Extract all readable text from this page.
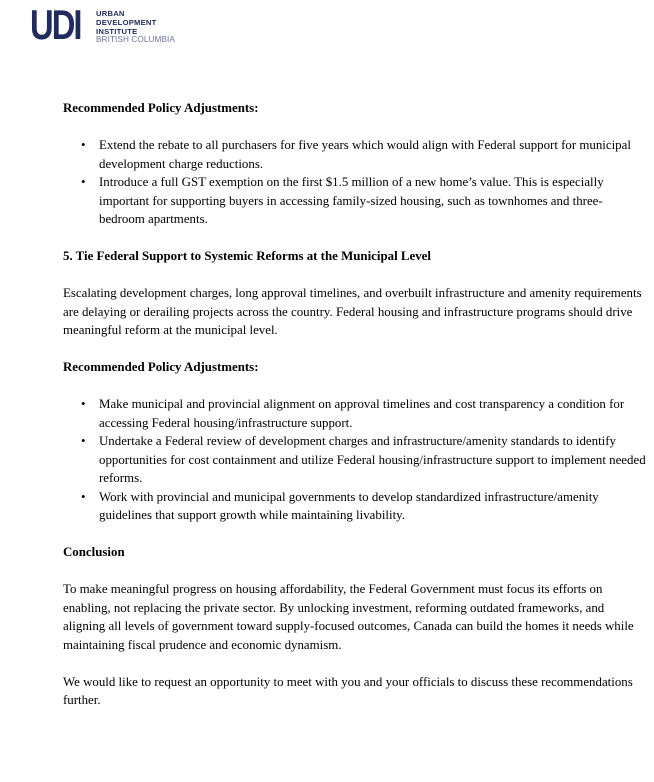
UDI URBAN
DEVELOPMENT
INSTITUTE
BRITISH COLUMBIA
Recommended Policy Adjustments:
• Extend the rebate to all purchasers for five years which would align with Federal support for municipal development charge reductions.
• Introduce a full GST exemption on the first $1.5 million of a new home’s value. This is especially important for supporting buyers in accessing family-sized housing, such as townhomes and three-bedroom apartments.
5. Tie Federal Support to Systemic Reforms at the Municipal Level

Escalating development charges, long approval timelines, and overbuilt infrastructure and amenity requirements are delaying or derailing projects across the country. Federal housing and infrastructure programs should drive meaningful reform at the municipal level.

Recommended Policy Adjustments:
• Make municipal and provincial alignment on approval timelines and cost transparency a condition for accessing Federal housing/infrastructure support.
• Undertake a Federal review of development charges and infrastructure/amenity standards to identify opportunities for cost containment and utilize Federal housing/infrastructure support to implement needed reforms.
• Work with provincial and municipal governments to develop standardized infrastructure/amenity guidelines that support growth while maintaining livability.
Conclusion

To make meaningful progress on housing affordability, the Federal Government must focus its efforts on enabling, not replacing the private sector. By unlocking investment, reforming outdated frameworks, and aligning all levels of government toward supply-focused outcomes, Canada can build the homes it needs while maintaining fiscal prudence and economic dynamism.

We would like to request an opportunity to meet with you and your officials to discuss these recommendations further.
